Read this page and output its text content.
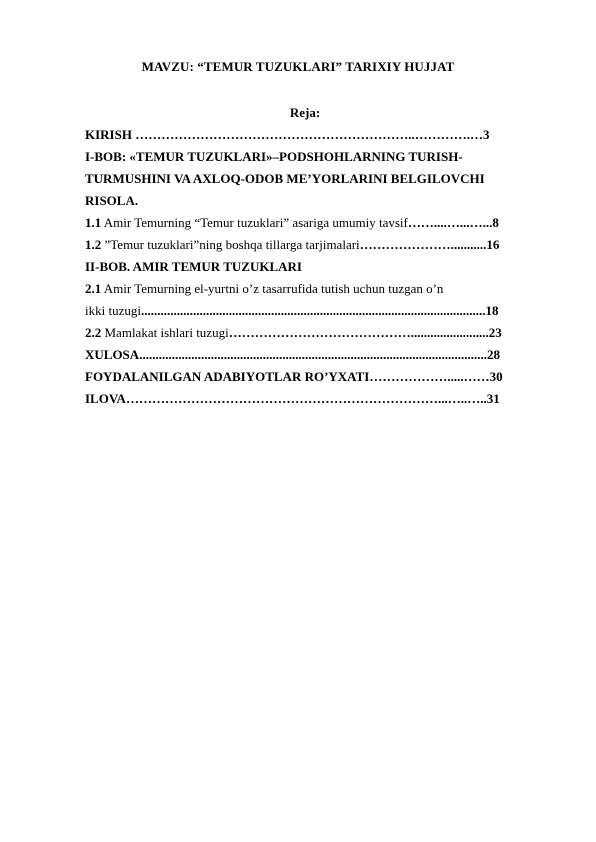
MAVZU: “TEMUR TUZUKLARI” TARIXIY HUJJAT
Reja:
KIRISH ………………………………………………………..………….…3
I-BOB: «TEMUR TUZUKLARI»–PODSHOHLARNING TURISH-
TURMUSHINI VA AXLOQ-ODOB ME’YORLARINI BELGILOVCHI
RISOLA.
1.1 Amir Temurning “Temur tuzuklari” asariga umumiy tavsif……....…...…...8
1.2 ”Temur tuzuklari”ning boshqa tillarga tarjimalari…………………...........16
II-BOB. AMIR TEMUR TUZUKLARI
2.1 Amir Temurning el-yurtni o’z tasarrufida tutish uchun tuzgan o’n
ikki tuzugi..........................................................................................................18
2.2 Mamlakat ishlari tuzugi……………………………………........................23
XULOSA...........................................................................................................28
FOYDALANILGAN ADABIYOTLAR RO’YXATI……………….....……30
ILOVA………………………………………………………………...…..…..31
